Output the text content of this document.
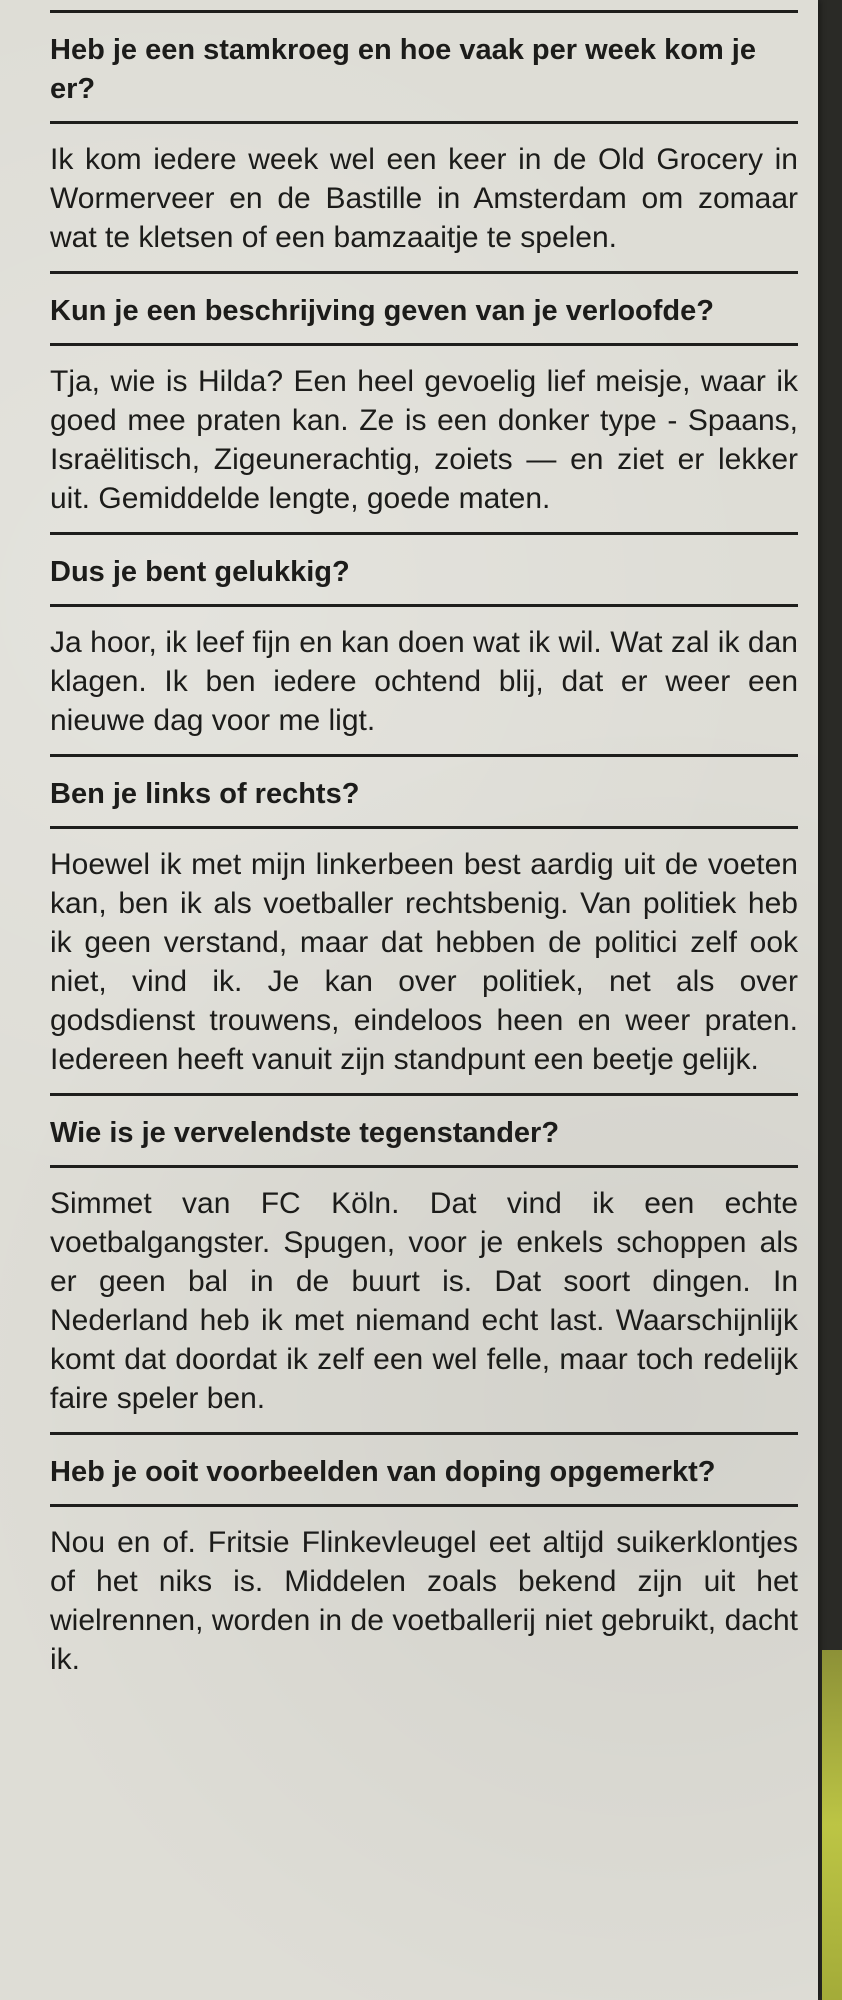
Heb je een stamkroeg en hoe vaak per week kom je er?

Ik kom iedere week wel een keer in de Old Grocery in Wormerveer en de Bastille in Amsterdam om zomaar wat te kletsen of een bamzaaitje te spelen.

Kun je een beschrijving geven van je verloofde?

Tja, wie is Hilda? Een heel gevoelig lief meisje, waar ik goed mee praten kan. Ze is een donker type - Spaans, Israëlitisch, Zigeunerachtig, zoiets — en ziet er lekker uit. Gemiddelde lengte, goede maten.

Dus je bent gelukkig?

Ja hoor, ik leef fijn en kan doen wat ik wil. Wat zal ik dan klagen. Ik ben iedere ochtend blij, dat er weer een nieuwe dag voor me ligt.

Ben je links of rechts?

Hoewel ik met mijn linkerbeen best aardig uit de voeten kan, ben ik als voetballer rechtsbenig. Van politiek heb ik geen verstand, maar dat hebben de politici zelf ook niet, vind ik. Je kan over politiek, net als over godsdienst trouwens, eindeloos heen en weer praten. Iedereen heeft vanuit zijn standpunt een beetje gelijk.

Wie is je vervelendste tegenstander?

Simmet van FC Köln. Dat vind ik een echte voetbalgangster. Spugen, voor je enkels schoppen als er geen bal in de buurt is. Dat soort dingen. In Nederland heb ik met niemand echt last. Waarschijnlijk komt dat doordat ik zelf een wel felle, maar toch redelijk faire speler ben.

Heb je ooit voorbeelden van doping opgemerkt?

Nou en of. Fritsie Flinkevleugel eet altijd suikerklontjes of het niks is. Middelen zoals bekend zijn uit het wielrennen, worden in de voetballerij niet gebruikt, dacht ik.
